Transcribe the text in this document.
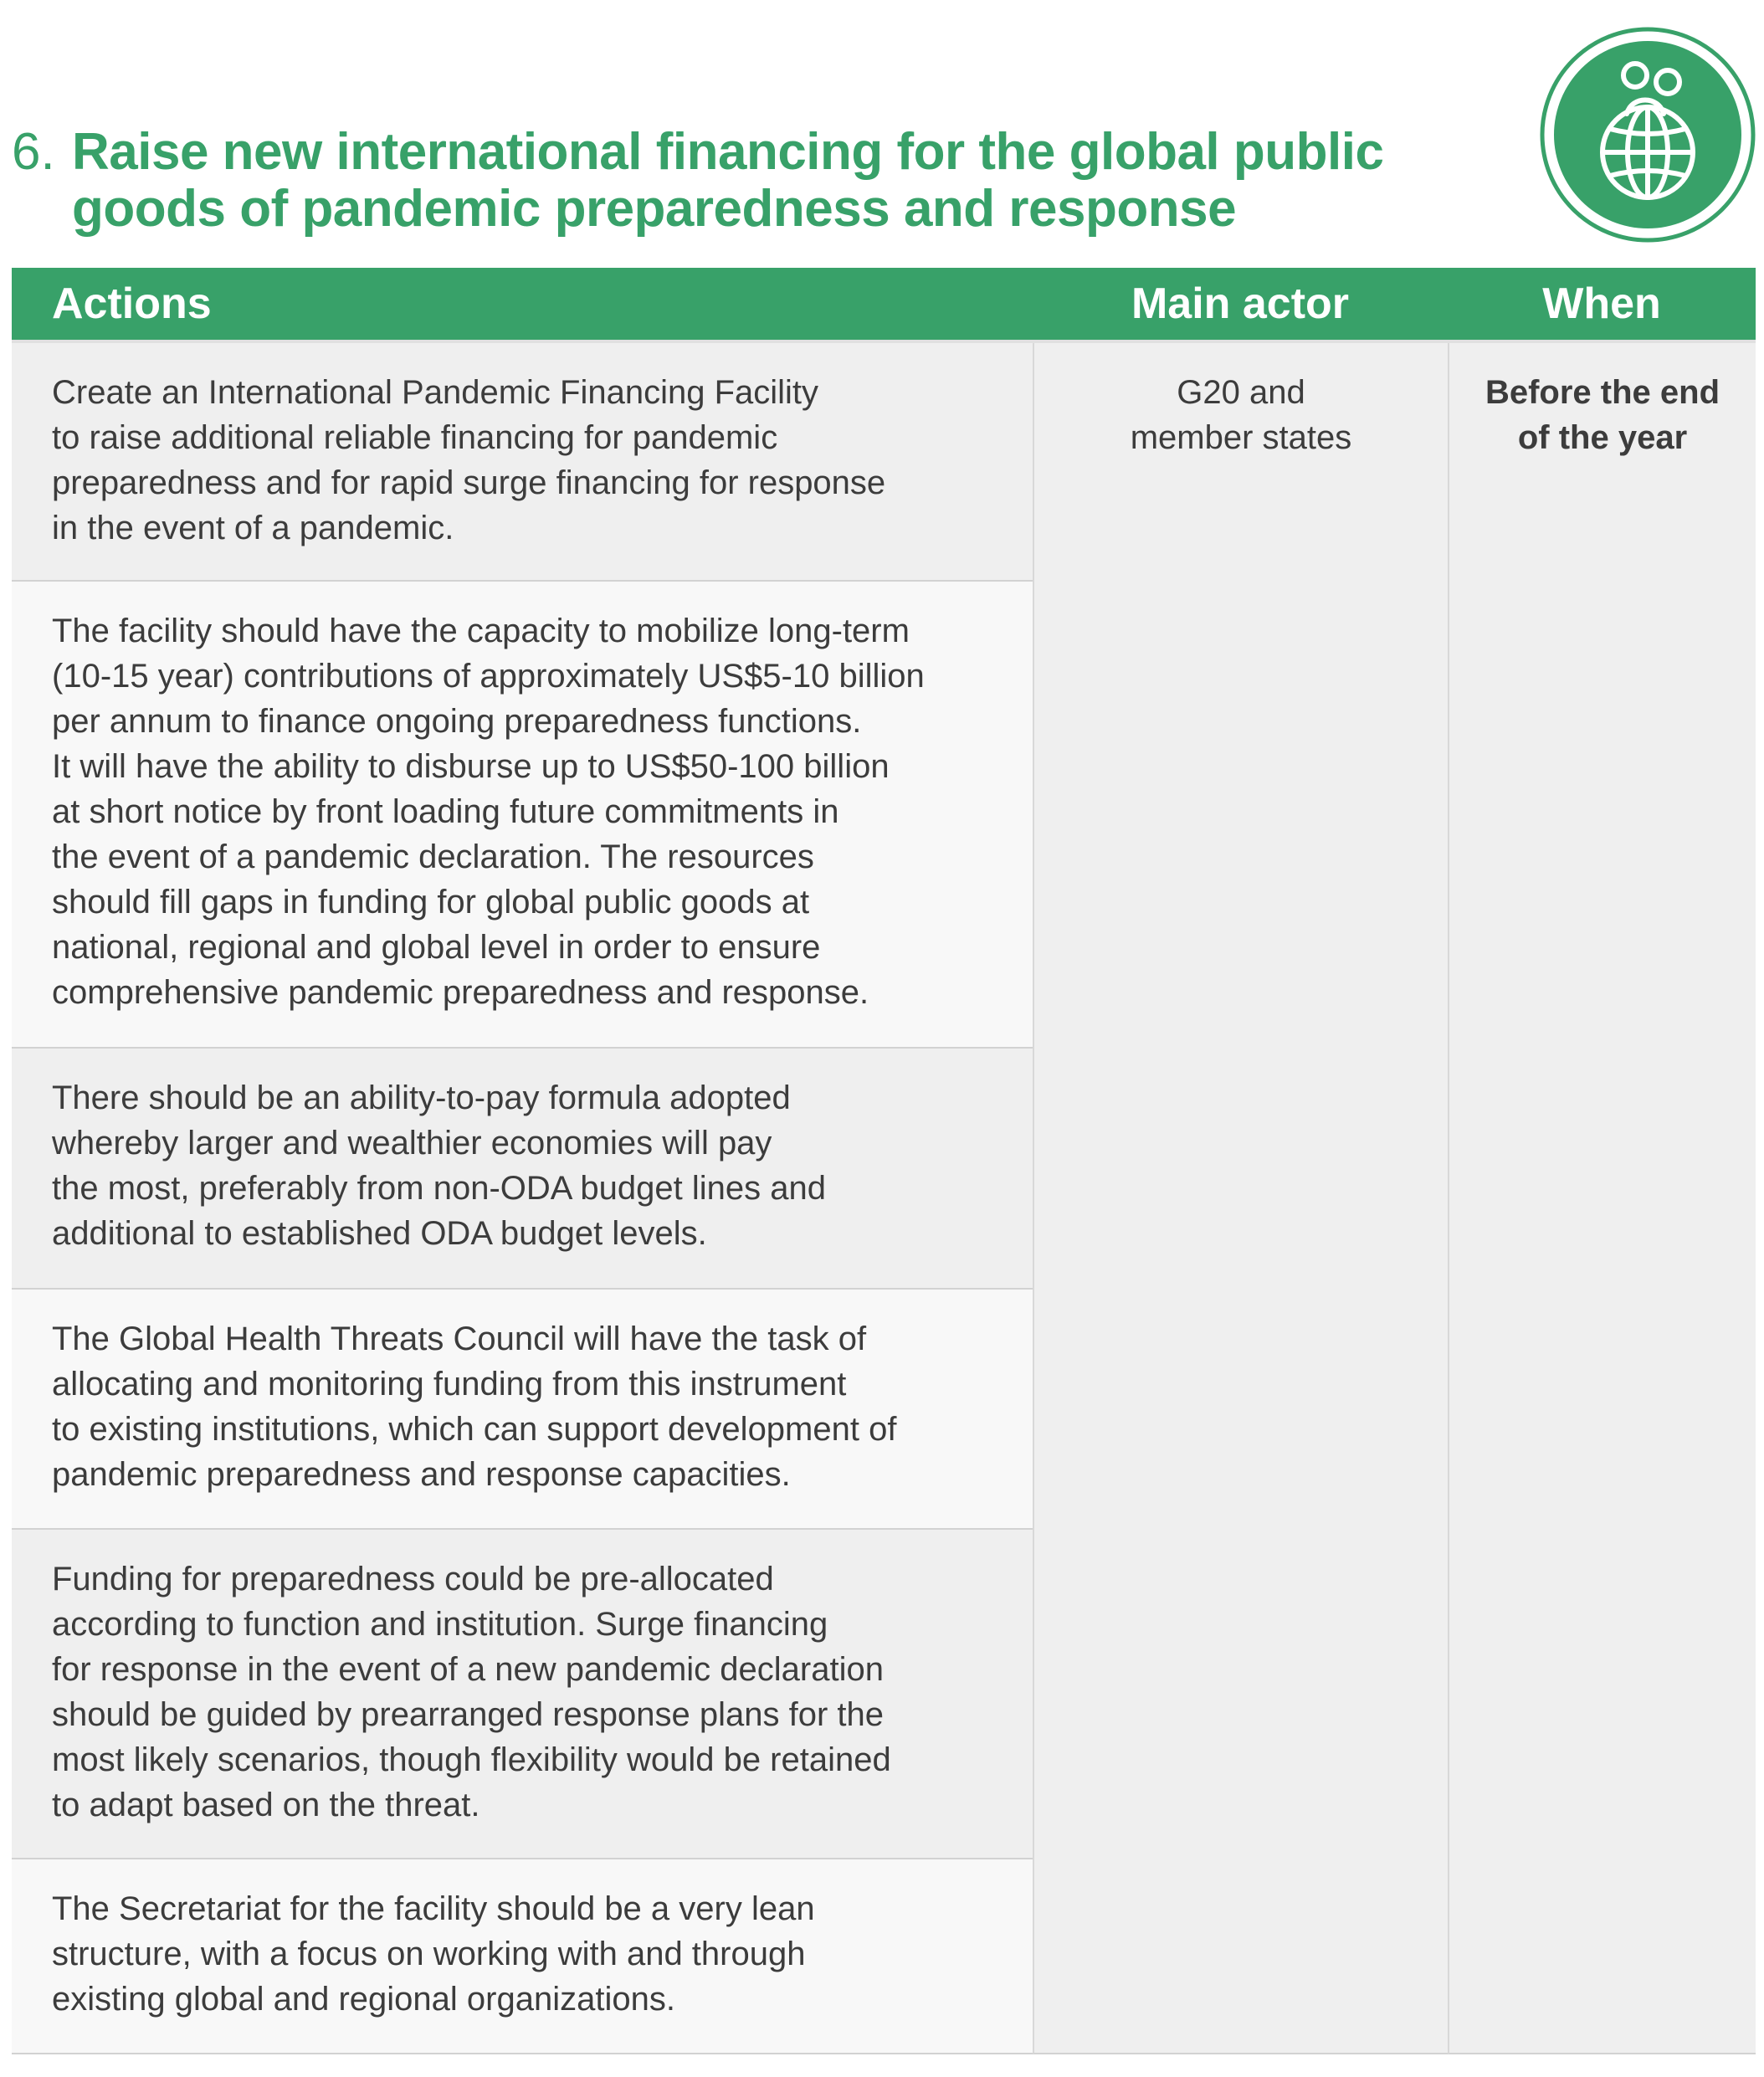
6. Raise new international financing for the global public
goods of pandemic preparedness and response
Actions	Main actor	When
Create an International Pandemic Financing Facility
to raise additional reliable financing for pandemic
preparedness and for rapid surge financing for response
in the event of a pandemic.
G20 and
member states
Before the end
of the year
The facility should have the capacity to mobilize long-term
(10-15 year) contributions of approximately US$5-10 billion
per annum to finance ongoing preparedness functions.
It will have the ability to disburse up to US$50-100 billion
at short notice by front loading future commitments in
the event of a pandemic declaration. The resources
should fill gaps in funding for global public goods at
national, regional and global level in order to ensure
comprehensive pandemic preparedness and response.
There should be an ability-to-pay formula adopted
whereby larger and wealthier economies will pay
the most, preferably from non-ODA budget lines and
additional to established ODA budget levels.
The Global Health Threats Council will have the task of
allocating and monitoring funding from this instrument
to existing institutions, which can support development of
pandemic preparedness and response capacities.
Funding for preparedness could be pre-allocated
according to function and institution. Surge financing
for response in the event of a new pandemic declaration
should be guided by prearranged response plans for the
most likely scenarios, though flexibility would be retained
to adapt based on the threat.
The Secretariat for the facility should be a very lean
structure, with a focus on working with and through
existing global and regional organizations.
